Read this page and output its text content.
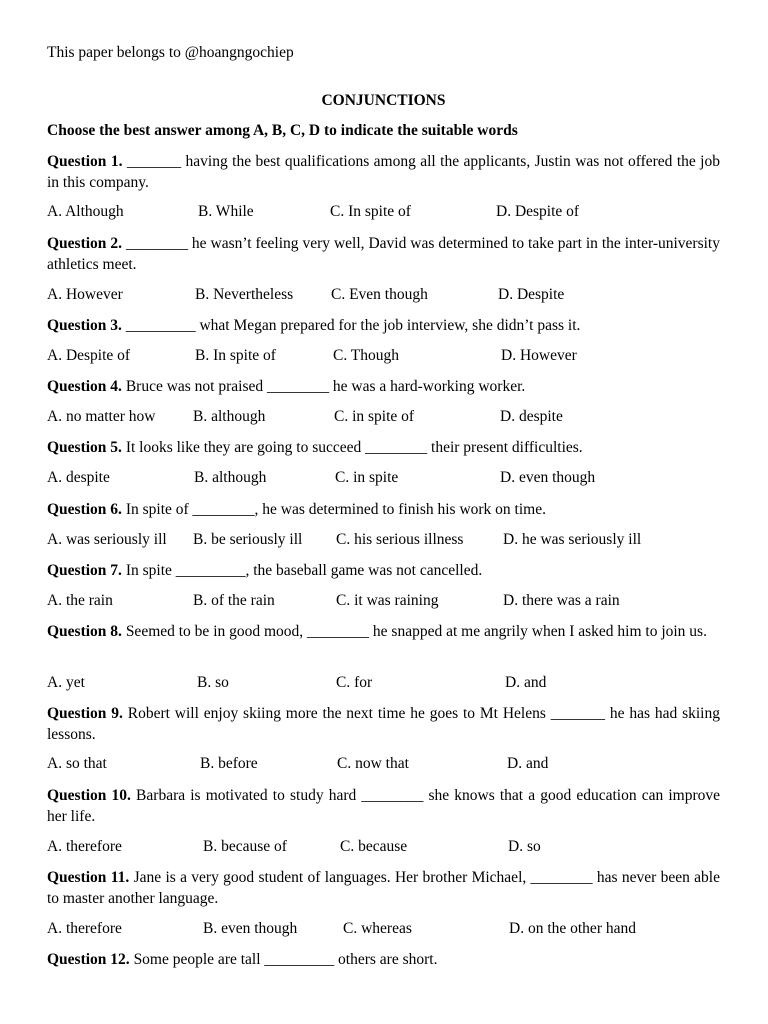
This paper belongs to @hoangngochiep
CONJUNCTIONS
Choose the best answer among A, B, C, D to indicate the suitable words
Question 1. _______ having the best qualifications among all the applicants, Justin was not offered the job in this company.
A. Although	B. While	C. In spite of	D. Despite of
Question 2. ________ he wasn’t feeling very well, David was determined to take part in the inter-university athletics meet.
A. However	B. Nevertheless C. Even though	D. Despite
Question 3. _________ what Megan prepared for the job interview, she didn’t pass it.
A. Despite of	B. In spite of	C. Though	D. However
Question 4. Bruce was not praised ________ he was a hard-working worker.
A. no matter how B. although	C. in spite of	D. despite
Question 5. It looks like they are going to succeed ________ their present difficulties.
A. despite	B. although	C. in spite	D. even though
Question 6. In spite of ________, he was determined to finish his work on time.
A. was seriously ill B. be seriously ill C. his serious illness	D. he was seriously ill
Question 7. In spite _________, the baseball game was not cancelled.
A. the rain	B. of the rain	C. it was raining	D. there was a rain
Question 8. Seemed to be in good mood, ________ he snapped at me angrily when I asked him to join us.
A. yet	B. so	C. for	D. and
Question 9. Robert will enjoy skiing more the next time he goes to Mt Helens _______ he has had skiing lessons.
A. so that	B. before	C. now that	D. and
Question 10. Barbara is motivated to study hard ________ she knows that a good education can improve her life.
A. therefore	B. because of	C. because	D. so
Question 11. Jane is a very good student of languages. Her brother Michael, ________ has never been able to master another language.
A. therefore	B. even though	C. whereas	D. on the other hand
Question 12. Some people are tall _________ others are short.
